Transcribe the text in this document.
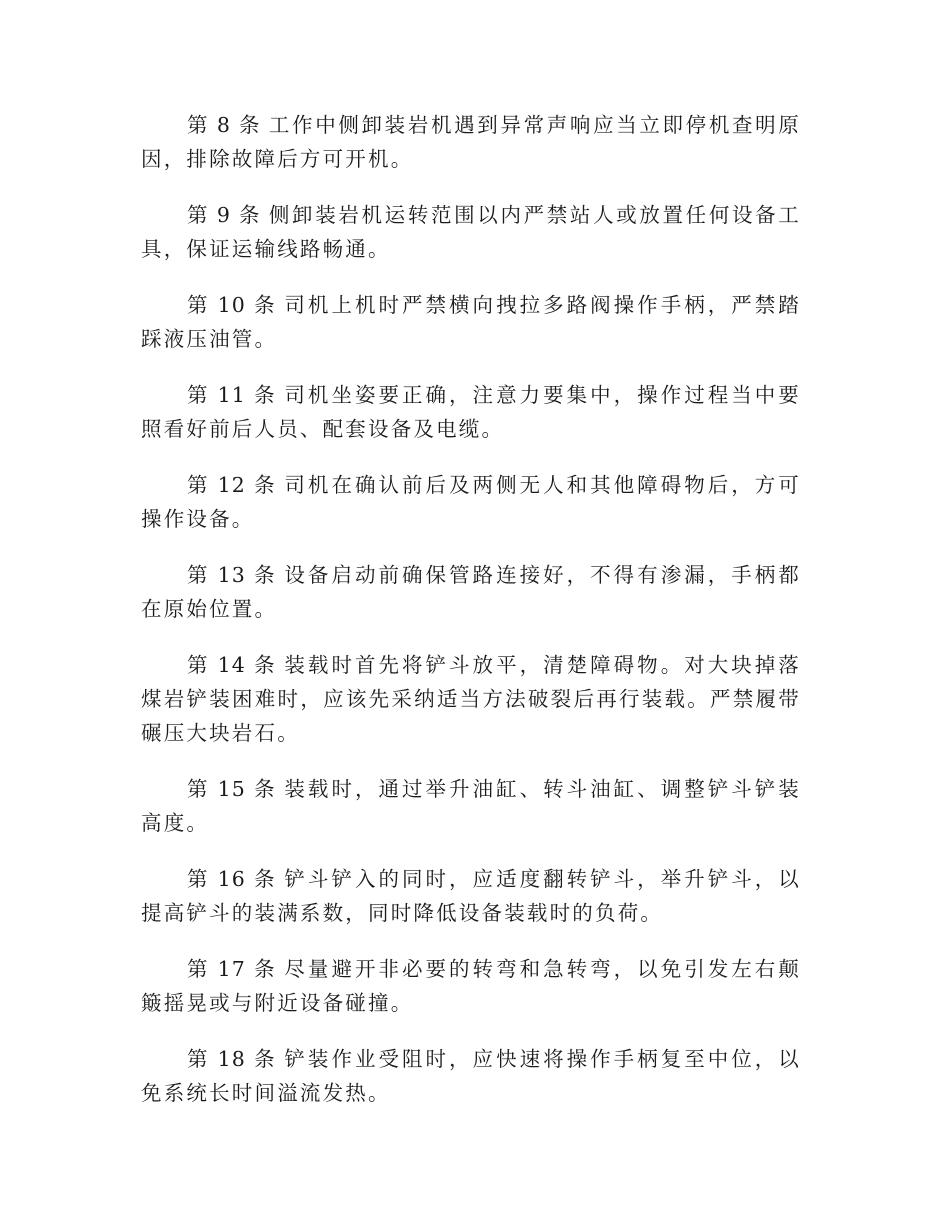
第 8 条 工作中侧卸装岩机遇到异常声响应当立即停机查明原因，排除故障后方可开机。

第 9 条 侧卸装岩机运转范围以内严禁站人或放置任何设备工具，保证运输线路畅通。

第 10 条 司机上机时严禁横向拽拉多路阀操作手柄，严禁踏踩液压油管。

第 11 条 司机坐姿要正确，注意力要集中，操作过程当中要照看好前后人员、配套设备及电缆。

第 12 条 司机在确认前后及两侧无人和其他障碍物后，方可操作设备。

第 13 条 设备启动前确保管路连接好，不得有渗漏，手柄都在原始位置。

第 14 条 装载时首先将铲斗放平，清楚障碍物。对大块掉落煤岩铲装困难时，应该先采纳适当方法破裂后再行装载。严禁履带碾压大块岩石。

第 15 条 装载时，通过举升油缸、转斗油缸、调整铲斗铲装高度。

第 16 条 铲斗铲入的同时，应适度翻转铲斗，举升铲斗，以提高铲斗的装满系数，同时降低设备装载时的负荷。

第 17 条 尽量避开非必要的转弯和急转弯，以免引发左右颠簸摇晃或与附近设备碰撞。

第 18 条 铲装作业受阻时，应快速将操作手柄复至中位，以免系统长时间溢流发热。
